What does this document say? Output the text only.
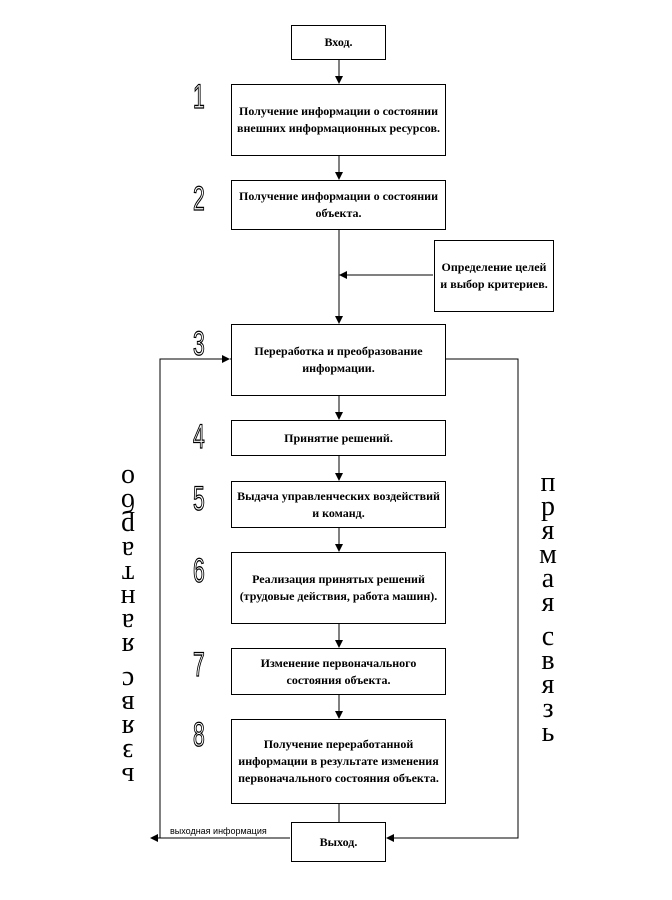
Вход.
Получение информации о состоянии внешних информационных ресурсов.
Получение информации о состоянии объекта.
Определение целей и выбор критериев.
Переработка и преобразование информации.
Принятие решений.
Выдача управленческих воздействий и команд.
Реализация принятых решений (трудовые действия, работа машин).
Изменение первоначального состояния объекта.
Получение переработанной информации в результате изменения первоначального состояния объекта.
Выход.
1
2
3
4
5
6
7
8
ь
з
я
в
с

я
а
н
т
а
р
б
о	п
р
я
м
а
я

с
в
я
з
ь
выходная информация
